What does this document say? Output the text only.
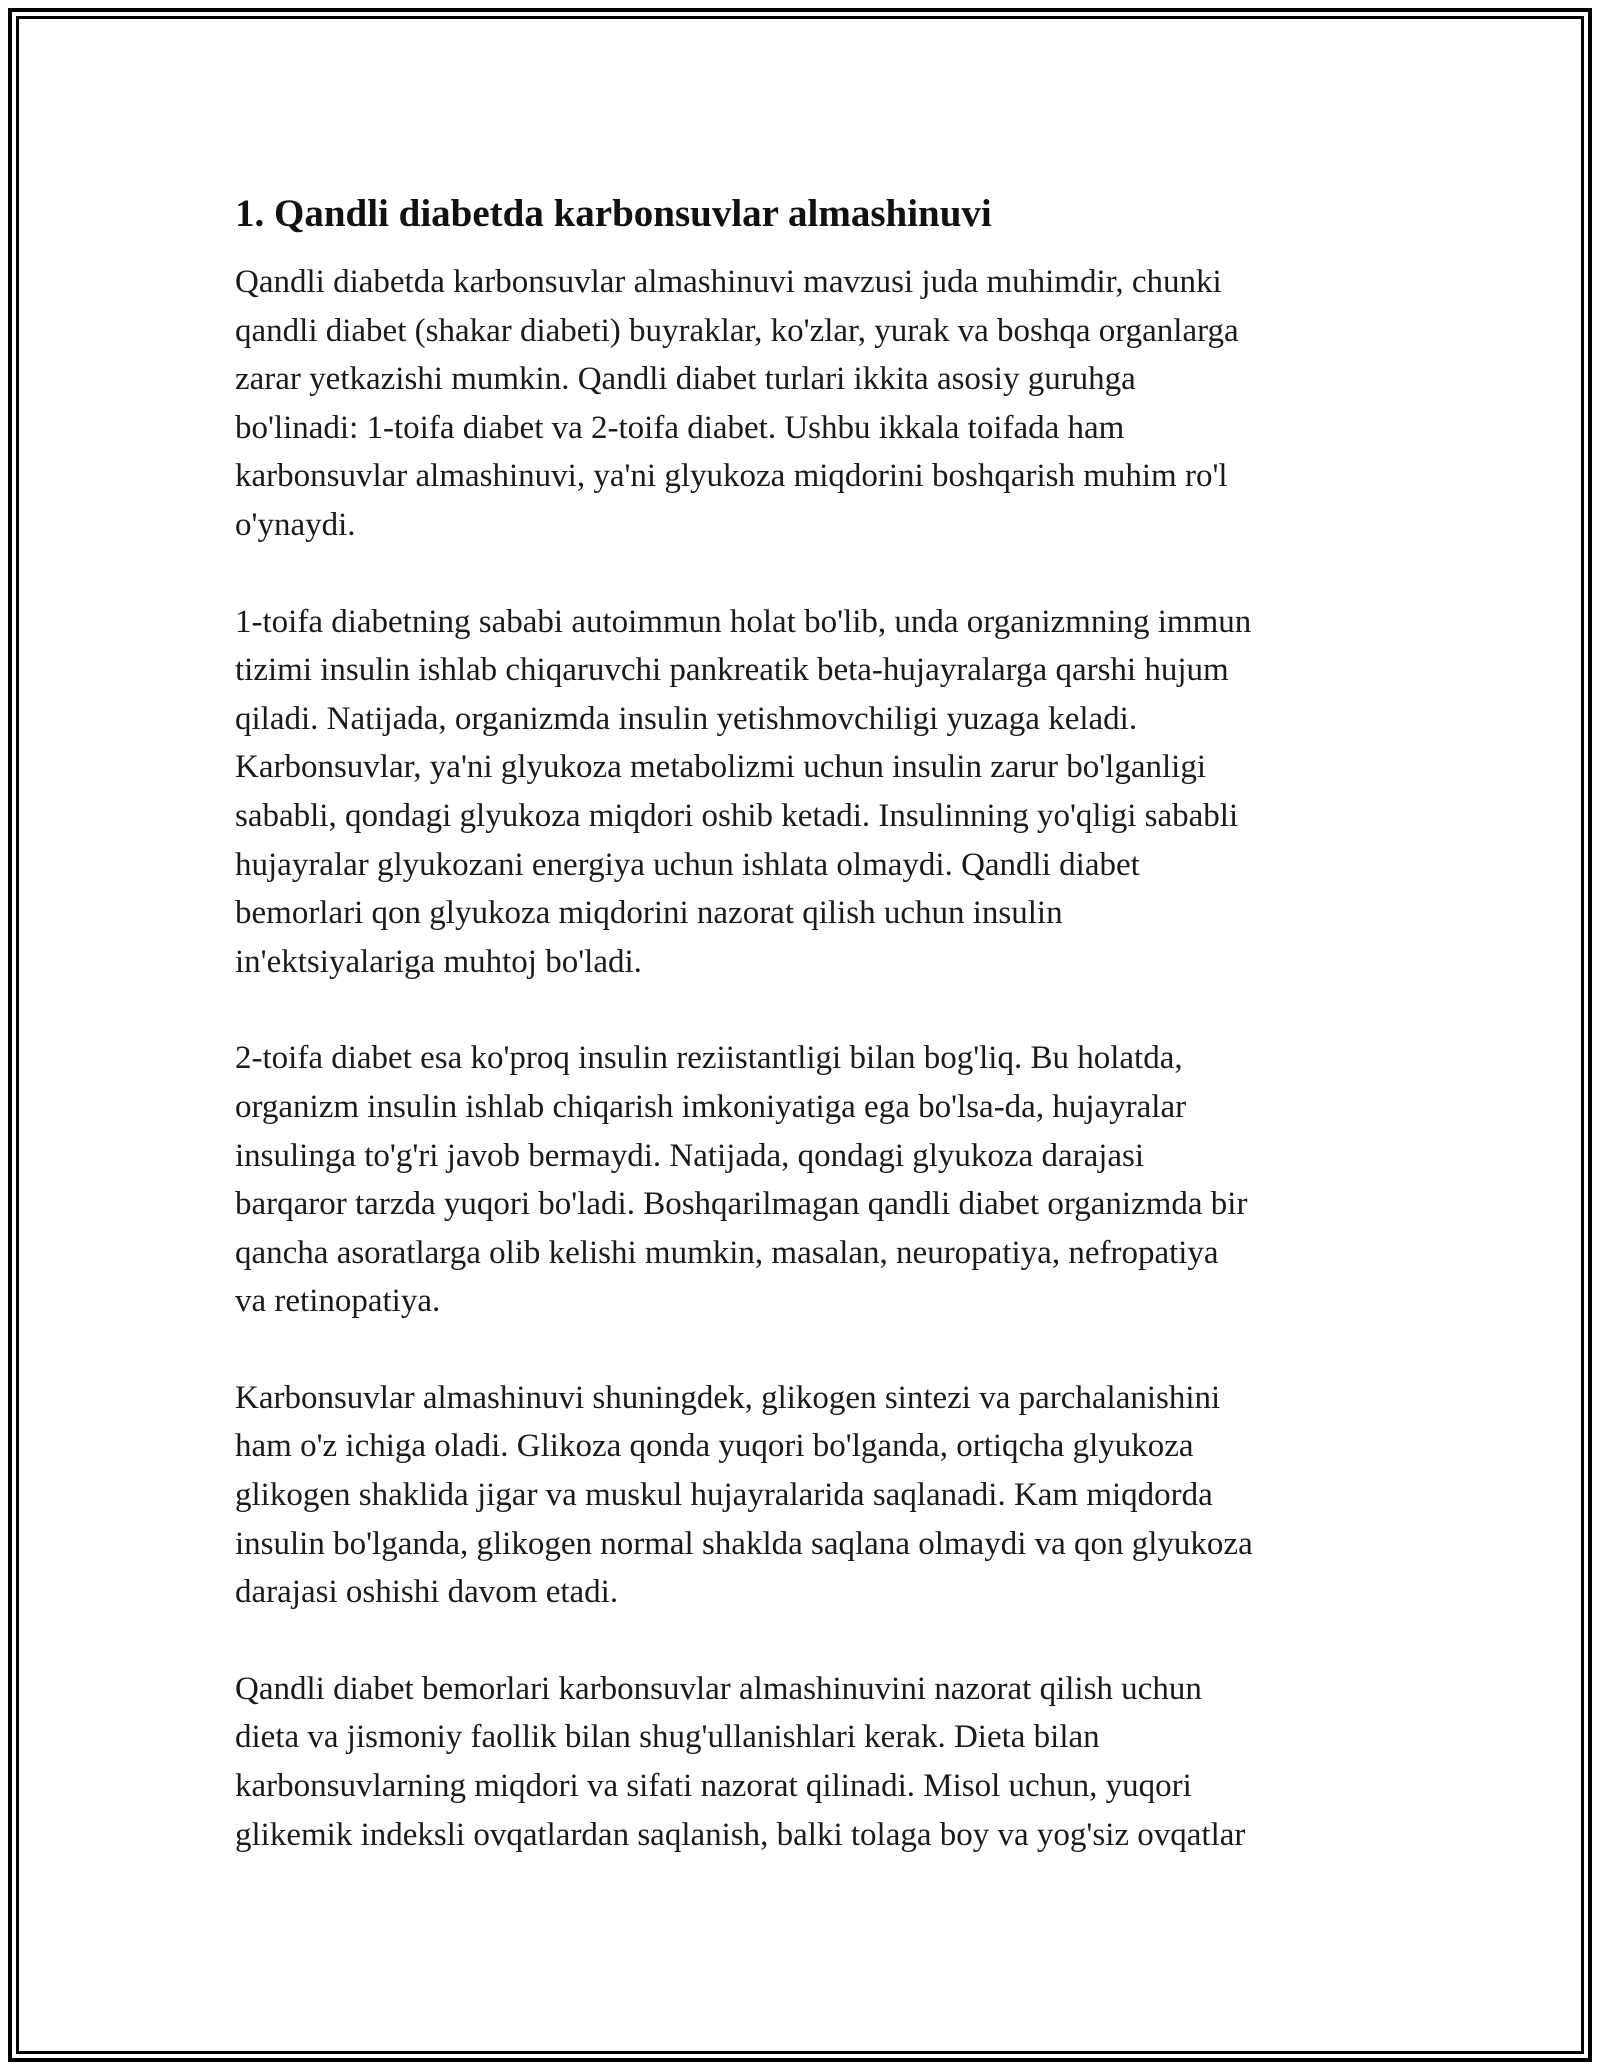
1. Qandli diabetda karbonsuvlar almashinuvi

Qandli diabetda karbonsuvlar almashinuvi mavzusi juda muhimdir, chunki
qandli diabet (shakar diabeti) buyraklar, ko'zlar, yurak va boshqa organlarga
zarar yetkazishi mumkin. Qandli diabet turlari ikkita asosiy guruhga
bo'linadi: 1-toifa diabet va 2-toifa diabet. Ushbu ikkala toifada ham
karbonsuvlar almashinuvi, ya'ni glyukoza miqdorini boshqarish muhim ro'l
o'ynaydi.

1-toifa diabetning sababi autoimmun holat bo'lib, unda organizmning immun
tizimi insulin ishlab chiqaruvchi pankreatik beta-hujayralarga qarshi hujum
qiladi. Natijada, organizmda insulin yetishmovchiligi yuzaga keladi.
Karbonsuvlar, ya'ni glyukoza metabolizmi uchun insulin zarur bo'lganligi
sababli, qondagi glyukoza miqdori oshib ketadi. Insulinning yo'qligi sababli
hujayralar glyukozani energiya uchun ishlata olmaydi. Qandli diabet
bemorlari qon glyukoza miqdorini nazorat qilish uchun insulin
in'ektsiyalariga muhtoj bo'ladi.

2-toifa diabet esa ko'proq insulin reziistantligi bilan bog'liq. Bu holatda,
organizm insulin ishlab chiqarish imkoniyatiga ega bo'lsa-da, hujayralar
insulinga to'g'ri javob bermaydi. Natijada, qondagi glyukoza darajasi
barqaror tarzda yuqori bo'ladi. Boshqarilmagan qandli diabet organizmda bir
qancha asoratlarga olib kelishi mumkin, masalan, neuropatiya, nefropatiya
va retinopatiya.

Karbonsuvlar almashinuvi shuningdek, glikogen sintezi va parchalanishini
ham o'z ichiga oladi. Glikoza qonda yuqori bo'lganda, ortiqcha glyukoza
glikogen shaklida jigar va muskul hujayralarida saqlanadi. Kam miqdorda
insulin bo'lganda, glikogen normal shaklda saqlana olmaydi va qon glyukoza
darajasi oshishi davom etadi.

Qandli diabet bemorlari karbonsuvlar almashinuvini nazorat qilish uchun
dieta va jismoniy faollik bilan shug'ullanishlari kerak. Dieta bilan
karbonsuvlarning miqdori va sifati nazorat qilinadi. Misol uchun, yuqori
glikemik indeksli ovqatlardan saqlanish, balki tolaga boy va yog'siz ovqatlar
